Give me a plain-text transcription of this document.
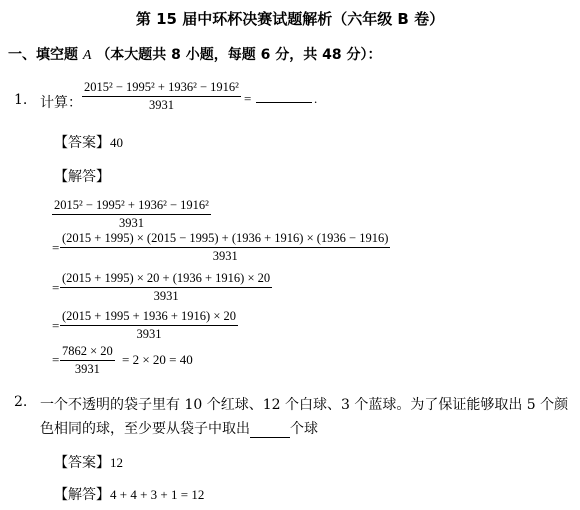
第 15 届中环杯决赛试题解析（六年级 B 卷）
一、填空题 A （本大题共 8 小题，每题 6 分，共 48 分）：
1. 计算： $\frac{\text{2015² − 1995² + 1936² − 1916²}}{3931}$ =	.
【答案】40
【解答】
$\frac{\text{2015² − 1995² + 1936² − 1916²}}{3931}$
=
(2015 + 1995) × (2015 − 1995) + (1936 + 1916) × (1936 − 1916)
3931
= $\frac{(2015 + 1995) \times 20 + (1936 + 1916) \times 20}{3931}$
= $\frac{(2015 + 1995 + 1936 + 1916) \times 20}{3931}$
= $\frac{7862 \times 20}{3931} = 2 \times 20 = 40$
2. 一个不透明的袋子里有 10 个红球、12 个白球、3 个蓝球。为了保证能够取出 5 个颜
色相同的球，至少要从袋子中取出	个球
【答案】12
【解答】4 + 4 + 3 + 1 = 12
